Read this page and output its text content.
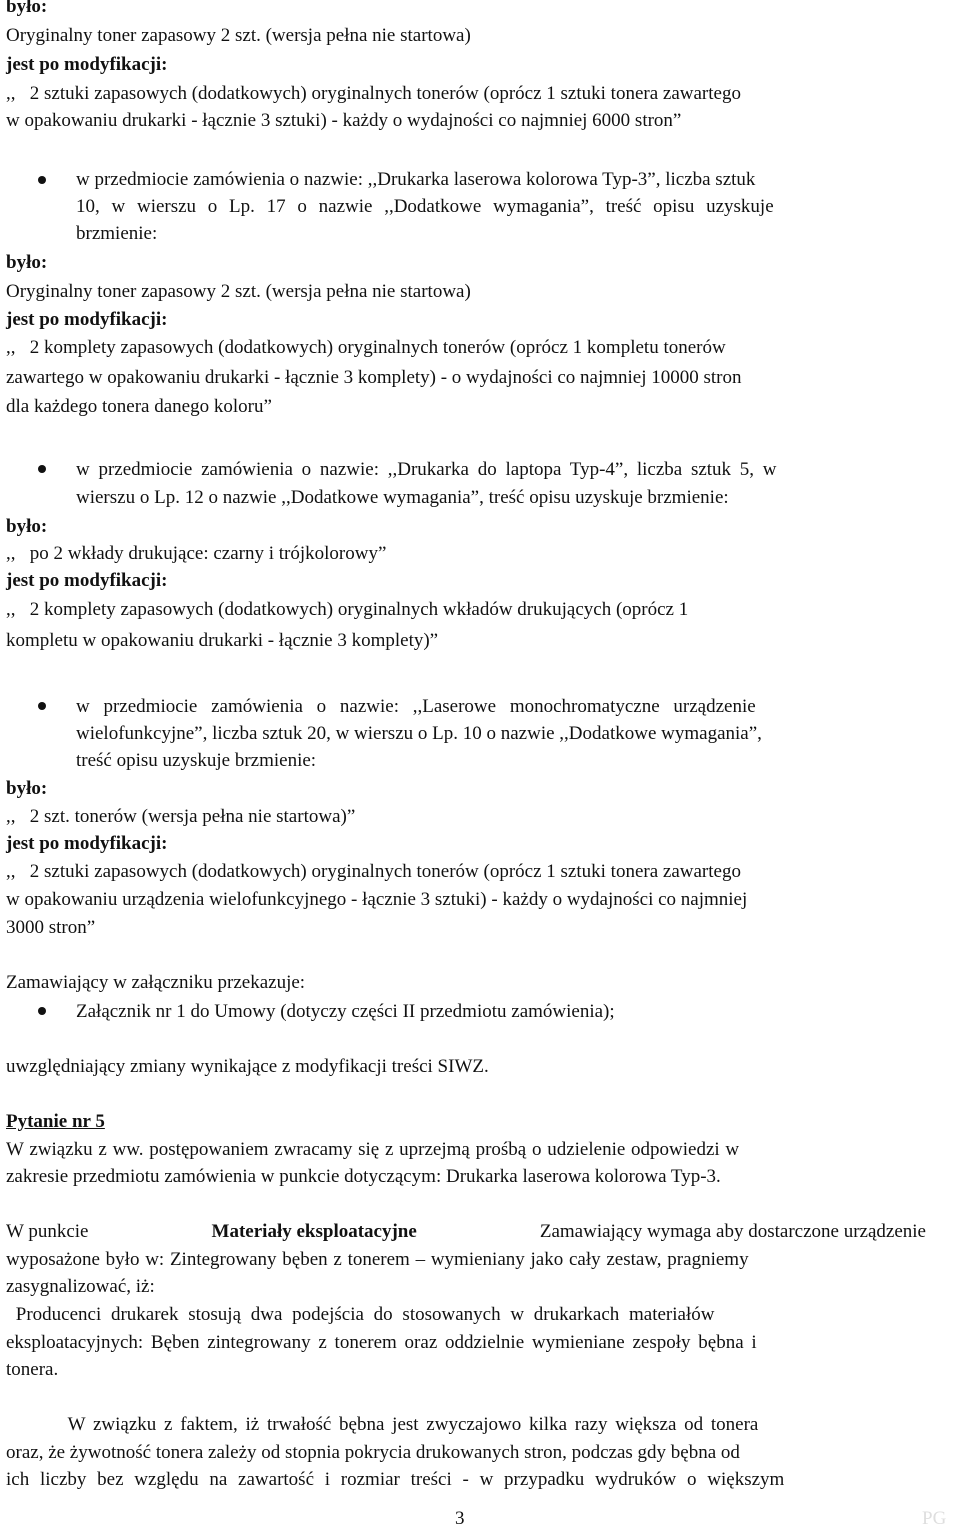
było:
Oryginalny toner zapasowy 2 szt. (wersja pełna nie startowa)
jest po modyfikacji:
,,   2 sztuki zapasowych (dodatkowych) oryginalnych tonerów (oprócz 1 sztuki tonera zawartego
w opakowaniu drukarki - łącznie 3 sztuki) - każdy o wydajności co najmniej 6000 stron”
w przedmiocie zamówienia o nazwie: ,,Drukarka laserowa kolorowa Typ-3”, liczba sztuk
10, w wierszu o Lp. 17 o nazwie ,,Dodatkowe wymagania”, treść opisu uzyskuje
brzmienie:
było:
Oryginalny toner zapasowy 2 szt. (wersja pełna nie startowa)
jest po modyfikacji:
,,   2 komplety zapasowych (dodatkowych) oryginalnych tonerów (oprócz 1 kompletu tonerów
zawartego w opakowaniu drukarki - łącznie 3 komplety) - o wydajności co najmniej 10000 stron
dla każdego tonera danego koloru”
w przedmiocie zamówienia o nazwie: ,,Drukarka do laptopa Typ-4”, liczba sztuk 5, w
wierszu o Lp. 12 o nazwie ,,Dodatkowe wymagania”, treść opisu uzyskuje brzmienie:
było:
,,   po 2 wkłady drukujące: czarny i trójkolorowy”
jest po modyfikacji:
,,   2 komplety zapasowych (dodatkowych) oryginalnych wkładów drukujących (oprócz 1
kompletu w opakowaniu drukarki - łącznie 3 komplety)”
w przedmiocie zamówienia o nazwie: ,,Laserowe monochromatyczne urządzenie
wielofunkcyjne”, liczba sztuk 20, w wierszu o Lp. 10 o nazwie ,,Dodatkowe wymagania”,
treść opisu uzyskuje brzmienie:
było:
,,   2 szt. tonerów (wersja pełna nie startowa)”
jest po modyfikacji:
,,   2 sztuki zapasowych (dodatkowych) oryginalnych tonerów (oprócz 1 sztuki tonera zawartego
w opakowaniu urządzenia wielofunkcyjnego - łącznie 3 sztuki) - każdy o wydajności co najmniej
3000 stron”
Zamawiający w załączniku przekazuje:
Załącznik nr 1 do Umowy (dotyczy części II przedmiotu zamówienia);
uwzględniający zmiany wynikające z modyfikacji treści SIWZ.
Pytanie nr 5
W związku z ww. postępowaniem zwracamy się z uprzejmą prośbą o udzielenie odpowiedzi w
zakresie przedmiotu zamówienia w punkcie dotyczącym: Drukarka laserowa kolorowa Typ-3.
W punkcie	Materiały eksploatacyjne	Zamawiający wymaga aby dostarczone urządzenie
wyposażone było w: Zintegrowany bęben z tonerem – wymieniany jako cały zestaw, pragniemy
zasygnalizować, iż:
Producenci drukarek stosują dwa podejścia do stosowanych w drukarkach materiałów
eksploatacyjnych: Bęben zintegrowany z tonerem oraz oddzielnie wymieniane zespoły bębna i
tonera.
W związku z faktem, iż trwałość bębna jest zwyczajowo kilka razy większa od tonera
oraz, że żywotność tonera zależy od stopnia pokrycia drukowanych stron, podczas gdy bębna od
ich liczby bez względu na zawartość i rozmiar treści - w przypadku wydruków o większym
3	PG
